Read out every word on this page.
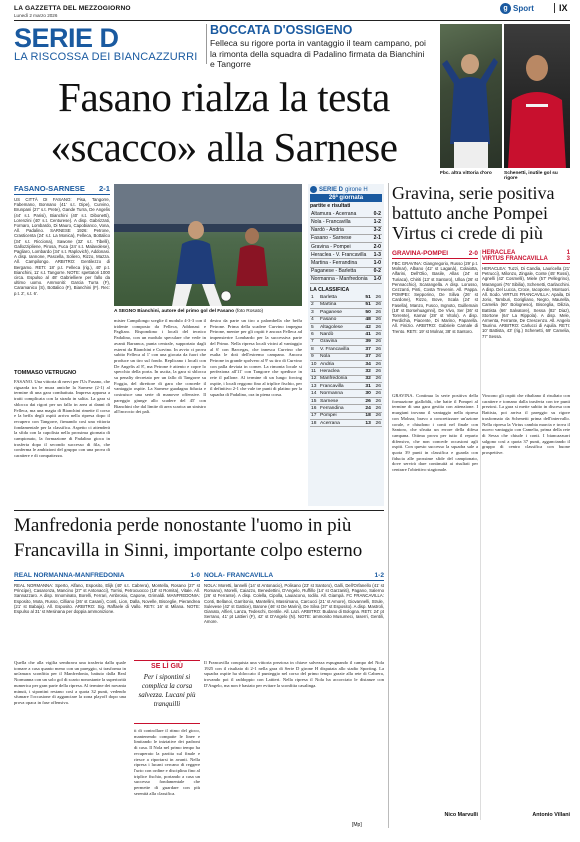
LA GAZZETTA DEL MEZZOGIORNO
Lunedì 2 marzo 2026
g Sport	IX
SERIE D
LA RISCOSSA DEI BIANCAZZURRI
BOCCATA D'OSSIGENO
Felleca su rigore porta in vantaggio il team campano, poi la rimonta della squadra di Padalino firmata da Bianchini e Tangorre
Fasano rialza la testa
«scacco» alla Sarnese
Fbc. altra vittoria d'oro	Schenetti, inutile gol su rigore
A SEGNO Bianchini, autore del primo gol del Fasano (foto Rosato)
FASANO-SARNESE 2-1
US CITTÀ DI FASANO: Pisa, Tangorre, Fabemano, Bonnano (41' s.t. Dipe), Curvino, Brunpani (27' s.t. Prete), Gande Turra, De Angelis (44' s.t. Parisi), Bianchini (40' s.t. Dibonetti), Lorenzini (40' s.t. Centurese). A disp. Gabrizzati, Fornaro, Lombardo, Di Mauro, Capobianco, Vona, All. Padalino. SARNESE 1926: Petrone, Crasticenta (24' s.t. La Monica), Felleca, Bottalico (34' s.t. Ricciona), Sawone (32' s.t. Tibelli), Gallozzipliene, Pirosa, Fuca (24' s.t. Malavolese), Pagliaro, Lombardo (34' s.t. Raplovich), Addonasi. A disp. Iannone, Pascella, Soliero, Rizzo, Mazza. All. Campilongo. ARBITRO: Gentilezzo di Bergamo. RETI: 18' p.t. Felleca (rig.), 40' p.t. Bianchini, 11' s.t. Tangorre. NOTE: spettatori 1000 circa. Espulso al 48' Gabrielliere per fallo da ultimo uomo. Ammoniti: Garcia Turra (F), Caramanico (S), Bottalico (F), Bianchini (F). Rec: p.t. 2', s.t. 6'.
TOMMASO VETRUGNO
FASANO. Una vittoria di nervi per l'Us Fasano, che riguarda tra le mura amiche la Sarnese (2-1) al termine di una gara combattuta. Impresa apparsa a tratti complicata con la strada in salita. La gara si sblocca dai rigori per un fallo in area ai danni di Felleca, ma una magia di Bianchini rimette il corso e la beffa degli ospiti arriva nella ripresa dopo il recupero con Tangorre, firmando così una vittoria fondamentale per la classifica. Aspetto ci attenderà la sfida con la capolista nella prossima giornata di campionato, la formazione di Padalino gioca in trasferta dopo il secondo successo di fila, che conferma le ambizioni del gruppo con una prova di carattere e di compattezza.
mister Campilongo sceglie il modulo 4-3-3 con il tridente composto da Felleca, Addonasi e Pagliaro. Rispondono i locali del tecnico Padalino, con un modulo speculare che vede in avanti Barranca, punta centrale, supportato dagli esterni da Bianchini e Curvino. In avvio ci prova subito Felleca al 1' con una giocata da fuori che produce un tiro sul fondo. Replicano i locali con De Angelis al 8', ma Petrone è attento e copre lo specchio della porta. In uscita, la gara si sblocca su penalty decretato per un fallo di Tangorre su Foggia, del direttore di gara che concede il vantaggio ospite. La Sarnese guadagna fiducia e costruisce una serie di manovre offensive. Il pareggio giunge allo scadere del 45' con Bianchini che dal limite di area scarica un sinistro all'incrocio dei pali.
destra da parte un tiro a palombella che beffa Petrone. Prima della scadere Curvino impegna Petrone, mentre per gli ospiti è ancora Felleca ad impensierire Lombardo per la successiva parte del Primo. Nella ripresa locali vicini al vantaggio al 6' con Barcegas, che innesca Curvino che esalta le doti dell'estremo campano. Ancora Petrone in grande spolvero al 9' su tiro di Curvino con palla deviata in corner. La rimonta locale si perfeziona all'11' con Tangorre che spedisce in rete il pallone. Al termine di un lungo forcing ospite, i locali reggono fino al triplice fischio, per il definitivo 2-1 che vale tre punti di platino per la squadra di Padalino, ora in piena corsa.
SERIE D girone H
26ª giornata
partite e risultati
Altamura - Acerrana	0-2
Nola - Francavilla	1-2
Nardò - Andria	3-2
Fasano - Sarnese	2-1
Gravina - Pompei	2-0
Heraclea - V. Francavilla	1-3
Martina - Ferrandina	1-0
Paganese - Barletta	0-2
Normanna - Manfredonia	1-0
LA CLASSIFICA
1	Barletta	51	26
2	Martina	51	26
3	Paganese	50	26
4	Fasano	48	26
5	Altagolese	42	26
6	Nardò	41	26
7	Gravina	39	26
8	V. Francavilla	37	26
9	Nola	37	26
10	Andria	34	26
11	Heraclea	32	26
12	Manfredonia	32	26
13	Francavilla	31	26
14	Normanna	30	26
15	Sarnese	26	26
16	Ferrandina	24	26
17	Pompei	18	26
18	Acerrana	13	26
Gravina, serie positiva
battuto anche Pompei
Virtus ci crede di più
GRAVINA-POMPEI	2-0
FBC GRAVINA: Giangregorio, Russo (29' p.t. Molnar), Albano (42' st Laganà), Colaiotta, Alfarini, Dell'Olio, Basile, Allas (24' st Turiaca), Chiriti (13' st Santoro), Ulloa (26' st Pennacchio), Scarangella. A disp. Lorusso, Cezzanti, Pinti, Costa Trevenin. All. Pappa. POMPEI: Sepporino, De Siliva (26' st Cardone), Rizzo, Bove, Scala (24' st Fasella), Manzo, Fusco, Ingnoto, Guillemain (18' st Borsehuagmni), De Vivo, Ser (36' st Torrente), Kamar (28' st Vitolo). A disp. Perdichia, Piacente, Di Marino, Paparella. All. Finizio. ARBITRO: Gabriele Carnale di Trento. RETI: 19' st Molnar, 38' st Santoro.
GRAVINA. Continua la serie positiva della formazione gialloblù, che batte il Pompei al termine di una gara gestita con attenzione. I murgiani trovano il vantaggio nella ripresa con Molnar, bravo a concretizzare un'azione corale, e chiudono i conti nel finale con Santoro, che sfrutta un errore della difesa campana. Ottima prova per tutto il reparto difensivo, che non concede occasioni agli ospiti. Con questo successo la squadra sale a quota 39 punti in classifica e guarda con fiducia alle prossime sfide del campionato, dove servirà dare continuità ai risultati per centrare l'obiettivo stagionale.
Nico Marvulli
HERACLEA	1
VIRTUS FRANCAVILLA	3
HERACLEA: Tuzzi, Di Candia, Lauricella (21' Petrucci), Milonzo, Zingale, Conte (45' Rossi), Agnelli (42' Cosmelli), Miele (57' Pellegrino), Marangoni (76' Sibilia), Schenetti, Garlacchini. A disp. Del Lucca, Croce, Iacopone, Montuori. All. Sodo. VIRTUS FRANCAVILLA: Apaila, Di Jorio, Tamburi, Gorigliano, Negro, Maurella, Camelia (60' Bologneso), Bisceglia, Dilizia, Battista (66' Salvatore), Sessa (82' Diaz), Stortone (64' La Rippola). A disp. Mele, Armenta, Ferrante, De Crescenzo. All. Angelo Taurino. ARBITRO: Carlucci di Aquila. RETI: 10' Battista, 43' (rig.) Schenetti, 69' Camelia, 77' Sessa.
Vincono gli ospiti che ribaltano il risultato con carattere e tornano dalla trasferta con tre punti preziosi. La gara si mette subito in discesa con Battista, poi arriva il pareggio su rigore trasformato da Schenetti prima dell'intervallo. Nella ripresa la Virtus cambia marcia e trova il nuovo vantaggio con Camelia, prima della rete di Sessa che chiude i conti. I biancazzurri salgono così a quota 37 punti, agganciando il gruppo di centro classifica con buone prospettive.
Antonio Villani
Manfredonia perde nonostante l'uomo in più
Francavilla in Sinni, importante colpo esterno
REAL NORMANNA-MANFREDONIA	1-0
REAL NORMANNA: Sperto, Alfano, Esposito, Elijk (40' s.t. Cabrera), Montella, Rosano (27' st Principe), Casaronza, Mancino (27' st Antonacci), Torrisi, Petrocuocco (18' st Romita), Vitale. All. Sannazzaro. A disp. Innominato, Borelli, Ferrari, Ambrosio, Capone, Grimaldi. MANFREDONIA: Esposito, Mota, Russo, Cilliano (26' st Casani), Conti, Lion, Dalla, Novelle, Bisceglie, Pierandrea (21' st Babaja). All. Esposito. ARBITRO: Sig. Raffaele di Vallo. RETI: 16' st Milana. NOTE: Espulso al 31' st Mesinana per doppia ammonizione.
NOLA- FRANCAVILLA	1-2
NOLA: Moretti, lannelli (14' st Antonacio), Polisano (23' st Santoro), Galli, Dell'Orfanello (41' st Romano), Morelli, Caiazzo, Benedettini, D'Angelo, Ruffillo (14' st Garzaniti), Pagano, Salerno (26' st Ferrante). A disp. Colella, Cipolla, Lauiacono, Iodilo. All. Giampà. FC FRANCAVILLA: Conti, Bellanoi, Garritonio, Mantellini, Massimano, Carcucci (21' st Amore), Giovannelli, Strule, Sulevese (42' st Gattice), Barone (46' st De Marini), De Silva (37' st Esposito). A disp. Mastroli, Gianato, Alfieri, Lanza, Tedeschi, Gentile. All. Lazi. ARBITRO: Budano di Bologna. RETI: 24' pt Serrano, 41' pt Lattieri (F), 42' st D'Angelo (N). NOTE: ammonito Musumeci, Iaserri, Gentili, Amore.
Quella che alla vigilia sembrava una trasferta dalla quale tornare a casa quanto meno con un pareggio, si trasforma in un'amara sconfitta per il Manfredonia, battuto dalla Real Normanna con un solo gol di scarto nonostante la superiorità numerica per gran parte della ripresa. Al termine dei novanta minuti, i sipontini restano così a quota 32 punti, vedendo sfumare l'occasione di agganciare la zona playoff dopo una prova opaca in fase offensiva.
SE LÌ GIÙ
Per i sipontini si complica la corsa salvezza. Lucani più tranquilli
ti di controllare il ritmo del gioco, mantenendo compatte le linee e limitando le iniziative dei padroni di casa. Il Nola nel primo tempo ha recuperato la partita sul finale e riesce a riportarsi in avanti. Nella ripresa i lucani cercano di reggere l'urto con ordine e disciplina fino al triplice fischio, portando a casa un successo fondamentale che permette di guardare con più serenità alla classifica.
Il Francavilla conquista una vittoria preziosa in chiave salvezza espugnando il campo del Nola 1925 con il risultato di 2-1 nella gara di Serie D girone H disputata allo stadio Sporting. La squadra ospite ha sbloccato il punteggio nel corso del primo tempo grazie alla rete di Cabrera, trovando poi il raddoppio con Lattieri. Nella ripresa il Nola ha accorciato le distanze con D'Angelo, ma non è bastato per evitare la sconfitta casalinga.
[Mp]
